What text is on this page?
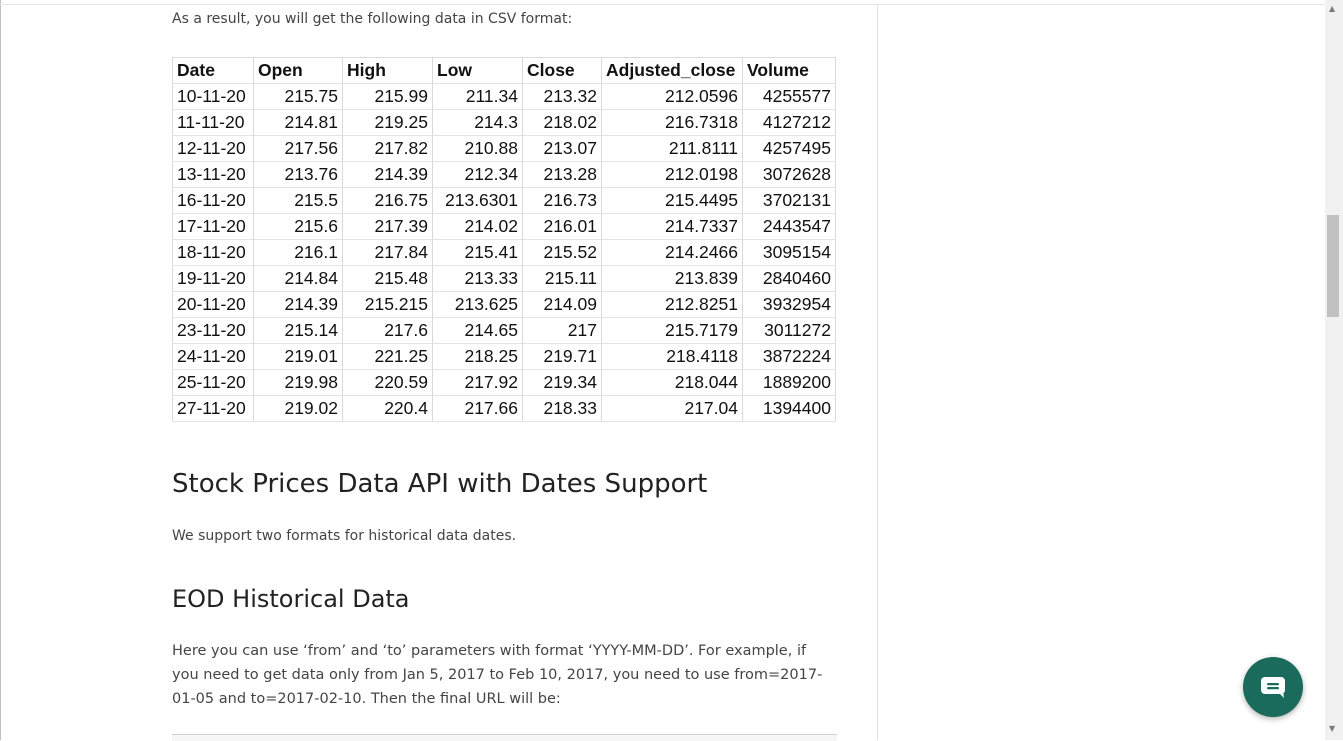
As a result, you will get the following data in CSV format:
Date	Open	High	Low	Close	Adjusted_close	Volume
10-11-20	215.75	215.99	211.34	213.32	212.0596	4255577
11-11-20	214.81	219.25	214.3	218.02	216.7318	4127212
12-11-20	217.56	217.82	210.88	213.07	211.8111	4257495
13-11-20	213.76	214.39	212.34	213.28	212.0198	3072628
16-11-20	215.5	216.75	213.6301	216.73	215.4495	3702131
17-11-20	215.6	217.39	214.02	216.01	214.7337	2443547
18-11-20	216.1	217.84	215.41	215.52	214.2466	3095154
19-11-20	214.84	215.48	213.33	215.11	213.839	2840460
20-11-20	214.39	215.215	213.625	214.09	212.8251	3932954
23-11-20	215.14	217.6	214.65	217	215.7179	3011272
24-11-20	219.01	221.25	218.25	219.71	218.4118	3872224
25-11-20	219.98	220.59	217.92	219.34	218.044	1889200
27-11-20	219.02	220.4	217.66	218.33	217.04	1394400
Stock Prices Data API with Dates Support
We support two formats for historical data dates.
EOD Historical Data
Here you can use ‘from’ and ‘to’ parameters with format ‘YYYY-MM-DD’. For example, if you need to get data only from Jan 5, 2017 to Feb 10, 2017, you need to use from=2017-01-05 and to=2017-02-10. Then the final URL will be:
▲
▼
